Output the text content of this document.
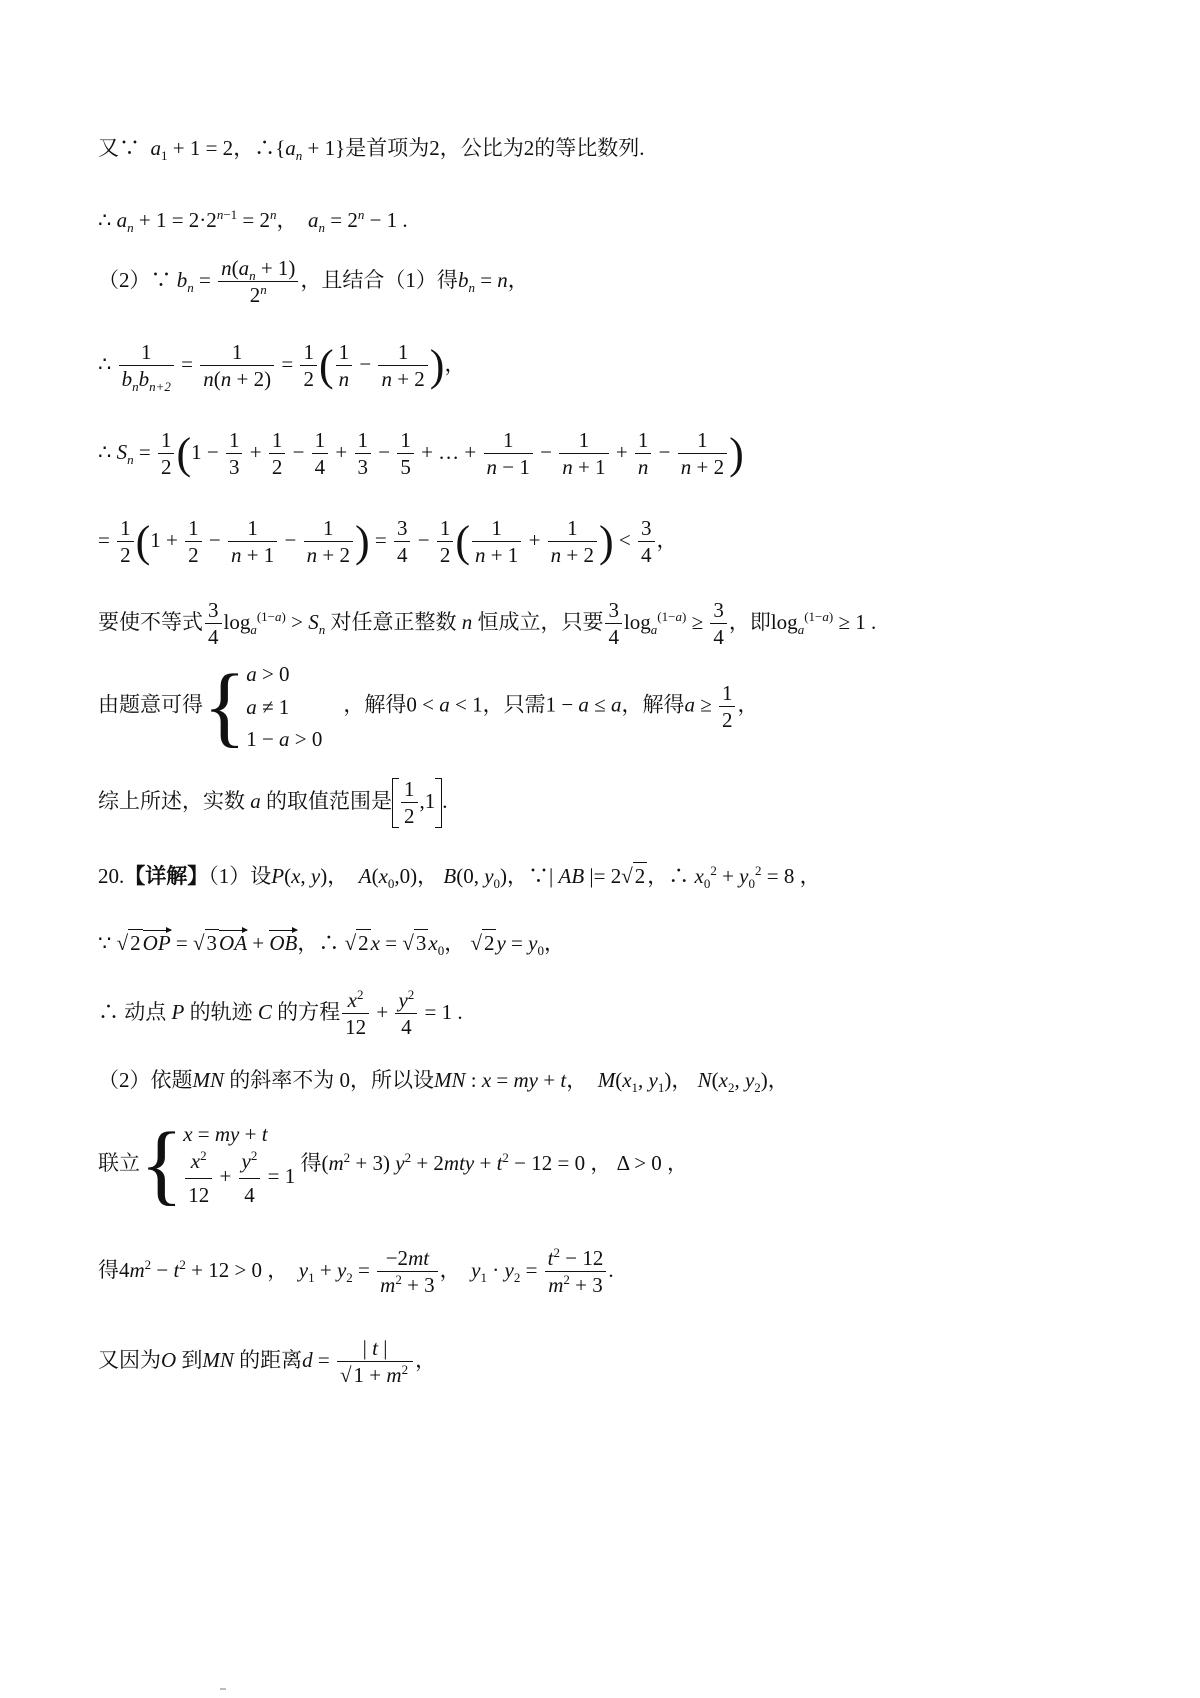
又∵ $a_1 + 1 = 2$，$\therefore\{a_n + 1\}$是首项为2，公比为2的等比数列.
∴ $a_n + 1 = 2\cdot 2^{n-1} = 2^n$，  $a_n = 2^n - 1$ .
（2）∵ $b_n = \frac{n(a_n + 1)}{2^n}$ ，且结合（1）得$b_n = n$，
∴ $\frac{1}{b_nb_{n+2}} = \frac{1}{n(n + 2)} = \frac{1}{2}$ ( $\frac{1}{n} - \frac{1}{n + 2}$ )，
∴ $S_n = \frac{1}{2} (1 - \frac{1}{3} + \frac{1}{2} - \frac{1}{4} + \frac{1}{3} - \frac{1}{5}$ + … + $\frac{1}{n - 1} - \frac{1}{n + 1} + \frac{1}{n} - \frac{1}{n + 2}$ )
= $\frac{1}{2} (1 + \frac{1}{2} - \frac{1}{n + 1} - \frac{1}{n + 2}$ ) = $\frac{3}{4} - \frac{1}{2}$ ( $\frac{1}{n + 1} + \frac{1}{n + 2}$ ) < $\frac{3}{4}$ ，
要使不等式 $\frac{3}{4} \log_a^{(1-a)} > S_n$ 对任意正整数 n 恒成立，只要 $\frac{3}{4} \log_a^{(1-a)} \ge \frac{3}{4}$ ，即$\log_a^{(1-a)} \ge 1$ .
由题意可得{a > 0
a ≠ 1
1 − a > 0    ，解得0 < a < 1，只需1 − a ≤ a，解得$a \ge \frac{1}{2}$ ，
综上所述，实数 a 的取值范围是 $\frac{1}{2} ,1$ .
20.【详解】（1）设P(x, y)，  $A(x_0,0)$， B(0, $y_0$)，∵| AB |= 2√2，∴ $x_0^2 + y_0^2 = 8$ ，
∵ √2OP = √3OA + OB，∴ $√2x = √3x_0$， $√2y = y_0$，
∴ 动点 P 的轨迹 C 的方程 $\frac{x^2}{12} + \frac{y^2}{4} = 1$ .
（2）依题MN 的斜率不为 0，所以设MN : x = my + t，  $M(x_1$, $y_1$)， $N(x_2$, $y_2$)，
联立{x = my + t

$\frac{x^2}{12} + \frac{y^2}{4} = 1$ 得$(m^2 + 3) y^2 + 2mty + t^2 - 12 = 0$ ， Δ > 0 ，
得$4m^2 - t^2 + 12 > 0$ ，  $y_1 + y_2 = \frac{-2mt}{m^2 + 3}$ ，  $y_1 \cdot y_2 = \frac{t^2 - 12}{m^2 + 3}$ .
又因为O 到MN 的距离$d = \frac{| t |}{√1 + m^2}$ ，
